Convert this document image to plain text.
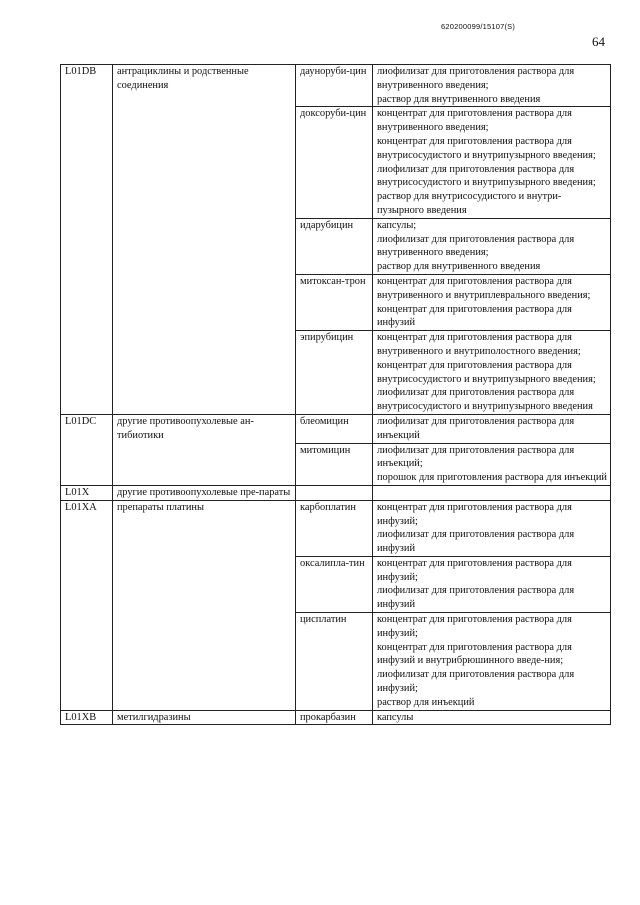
620200099/15107(S)
64
L01DB	антрациклины и родственные соединения	дауноруби-цин	лиофилизат для приготовления раствора для внутривенного введения;
раствор для внутривенного введения

		доксоруби-цин	концентрат для приготовления раствора для внутривенного введения;
концентрат для приготовления раствора для внутрисосудистого и внутрипузырного введения;
лиофилизат для приготовления раствора для внутрисосудистого и внутрипузырного введения;
раствор для внутрисосудистого и внутри-пузырного введения

		идарубицин	капсулы;
лиофилизат для приготовления раствора для внутривенного введения;
раствор для внутривенного введения

		митоксан-трон	концентрат для приготовления раствора для внутривенного и внутриплеврального введения;
концентрат для приготовления раствора для инфузий

		эпирубицин	концентрат для приготовления раствора для внутривенного и внутриполостного введения;
концентрат для приготовления раствора для внутрисосудистого и внутрипузырного введения;
лиофилизат для приготовления раствора для внутрисосудистого и внутрипузырного введения

L01DC	другие противоопухолевые ан-тибиотики	блеомицин	лиофилизат для приготовления раствора для инъекций

		митомицин	лиофилизат для приготовления раствора для инъекций;
порошок для приготовления раствора для инъекций

L01X	другие противоопухолевые пре-параты		
L01XA	препараты платины	карбоплатин	концентрат для приготовления раствора для инфузий;
лиофилизат для приготовления раствора для инфузий

		оксалипла-тин	концентрат для приготовления раствора для инфузий;
лиофилизат для приготовления раствора для инфузий

		цисплатин	концентрат для приготовления раствора для инфузий;
концентрат для приготовления раствора для инфузий и внутрибрюшинного введе-ния;
лиофилизат для приготовления раствора для инфузий;
раствор для инъекций

L01XB	метилгидразины	прокарбазин	капсулы
